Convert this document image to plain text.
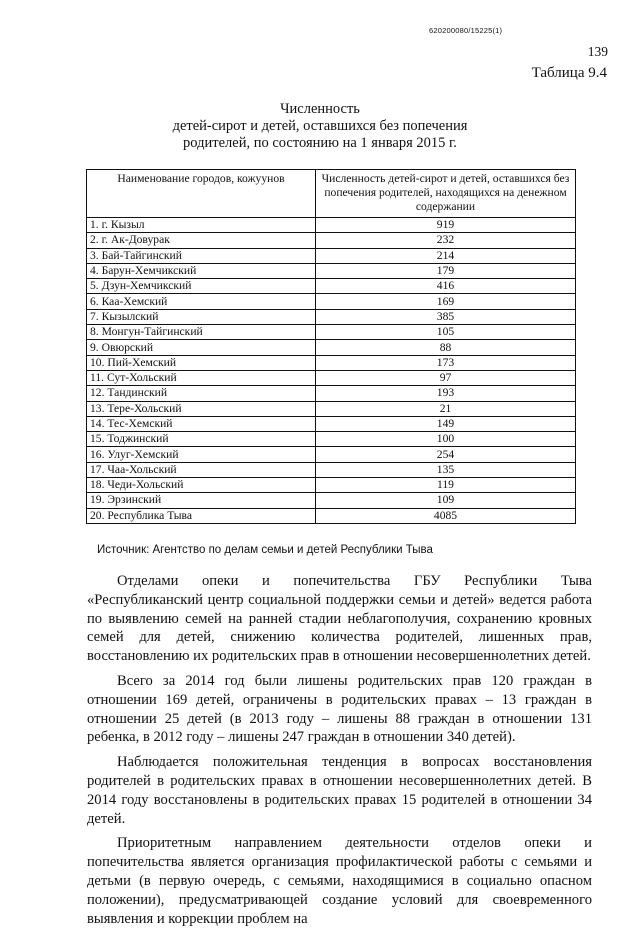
620200080/15225(1)
139
Таблица 9.4
Численность
детей-сирот и детей, оставшихся без попечения
родителей, по состоянию на 1 января 2015 г.
Наименование городов, кожуунов	Численность детей-сирот и детей, оставшихся без попечения родителей, находящихся на денежном содержании
1. г. Кызыл	919
2. г. Ак-Довурак	232
3. Бай-Тайгинский	214
4. Барун-Хемчикский	179
5. Дзун-Хемчикский	416
6. Каа-Хемский	169
7. Кызылский	385
8. Монгун-Тайгинский	105
9. Овюрский	88
10. Пий-Хемский	173
11. Сут-Хольский	97
12. Тандинский	193
13. Тере-Хольский	21
14. Тес-Хемский	149
15. Тоджинский	100
16. Улуг-Хемский	254
17. Чаа-Хольский	135
18. Чеди-Хольский	119
19. Эрзинский	109
20. Республика Тыва	4085
Источник: Агентство по делам семьи и детей Республики Тыва

Отделами опеки и попечительства ГБУ Республики Тыва «Республиканский центр социальной поддержки семьи и детей» ведется работа по выявлению семей на ранней стадии неблагополучия, сохранению кровных семей для детей, снижению количества родителей, лишенных прав, восстановлению их родительских прав в отношении несовершеннолетних детей.

Всего за 2014 год были лишены родительских прав 120 граждан в отношении 169 детей, ограничены в родительских правах – 13 граждан в отношении 25 детей (в 2013 году – лишены 88 граждан в отношении 131 ребенка, в 2012 году – лишены 247 граждан в отношении 340 детей).

Наблюдается положительная тенденция в вопросах восстановления родителей в родительских правах в отношении несовершеннолетних детей. В 2014 году восстановлены в родительских правах 15 родителей в отношении 34 детей.

Приоритетным направлением деятельности отделов опеки и попечительства является организация профилактической работы с семьями и детьми (в первую очередь, с семьями, находящимися в социально опасном положении), предусматривающей создание условий для своевременного выявления и коррекции проблем на
